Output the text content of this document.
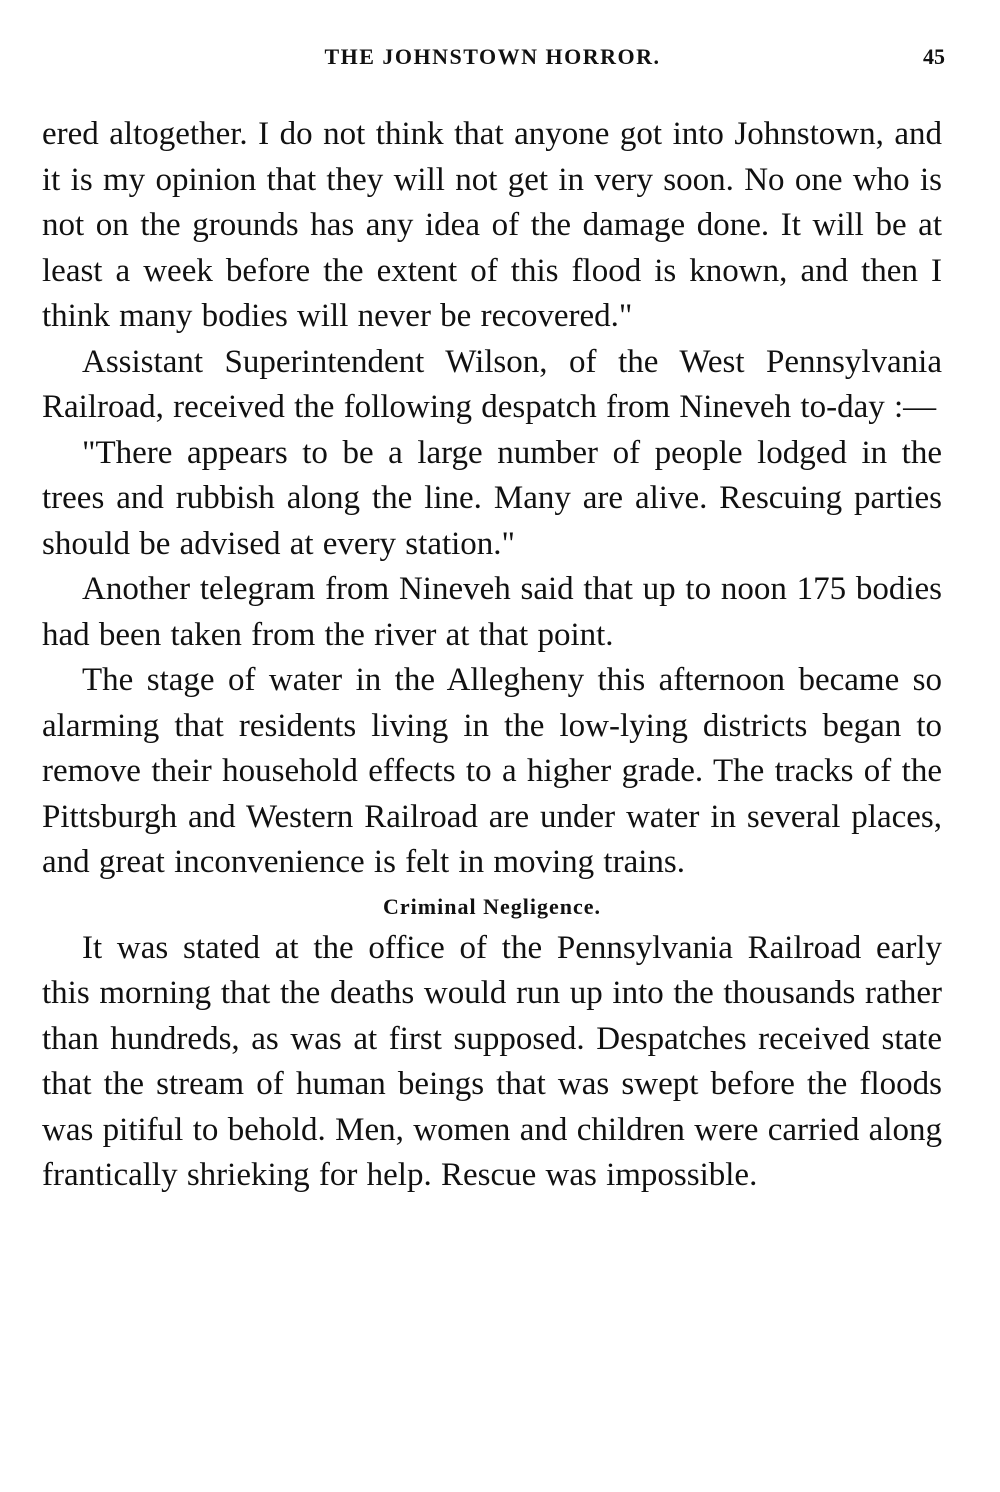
THE JOHNSTOWN HORROR.	45

ered altogether. I do not think that anyone got into Johnstown, and it is my opinion that they will not get in very soon. No one who is not on the grounds has any idea of the damage done. It will be at least a week before the extent of this flood is known, and then I think many bodies will never be recovered."

Assistant Superintendent Wilson, of the West Pennsylvania Railroad, received the following despatch from Nineveh to-day :—

"There appears to be a large number of people lodged in the trees and rubbish along the line. Many are alive. Rescuing parties should be advised at every station."

Another telegram from Nineveh said that up to noon 175 bodies had been taken from the river at that point.

The stage of water in the Allegheny this afternoon became so alarming that residents living in the low-lying districts began to remove their household effects to a higher grade. The tracks of the Pittsburgh and Western Railroad are under water in several places, and great inconvenience is felt in moving trains.

Criminal Negligence.

It was stated at the office of the Pennsylvania Railroad early this morning that the deaths would run up into the thousands rather than hundreds, as was at first supposed. Despatches received state that the stream of human beings that was swept before the floods was pitiful to behold. Men, women and children were carried along frantically shrieking for help. Rescue was impossible.
